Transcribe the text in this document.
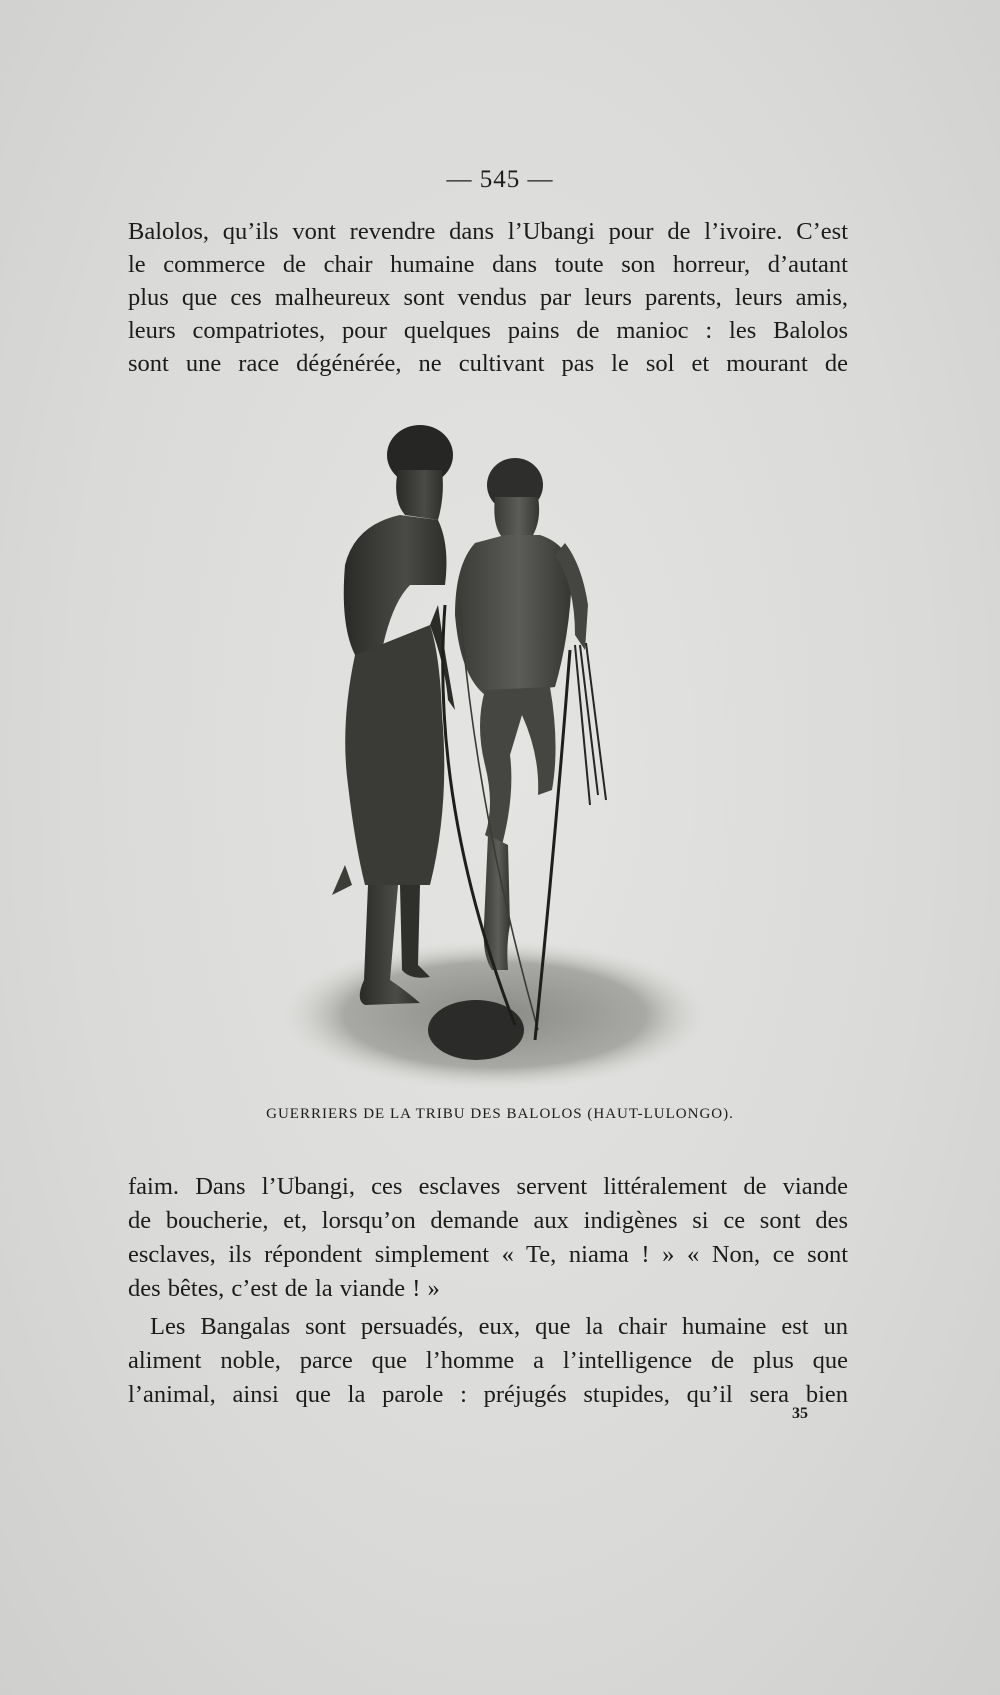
— 545 —

Balolos, qu’ils vont revendre dans l’Ubangi pour de l’ivoire. C’est
le commerce de chair humaine dans toute son horreur, d’autant
plus que ces malheureux sont vendus par leurs parents, leurs amis,
leurs compatriotes, pour quelques pains de manioc : les Balolos
sont une race dégénérée, ne cultivant pas le sol et mourant de

GUERRIERS DE LA TRIBU DES BALOLOS (HAUT-LULONGO).

faim. Dans l’Ubangi, ces esclaves servent littéralement de viande
de boucherie, et, lorsqu’on demande aux indigènes si ce sont des
esclaves, ils répondent simplement « Te, niama ! » « Non, ce sont
des bêtes, c’est de la viande ! »

Les Bangalas sont persuadés, eux, que la chair humaine est un
aliment noble, parce que l’homme a l’intelligence de plus que
l’animal, ainsi que la parole : préjugés stupides, qu’il sera bien

35
